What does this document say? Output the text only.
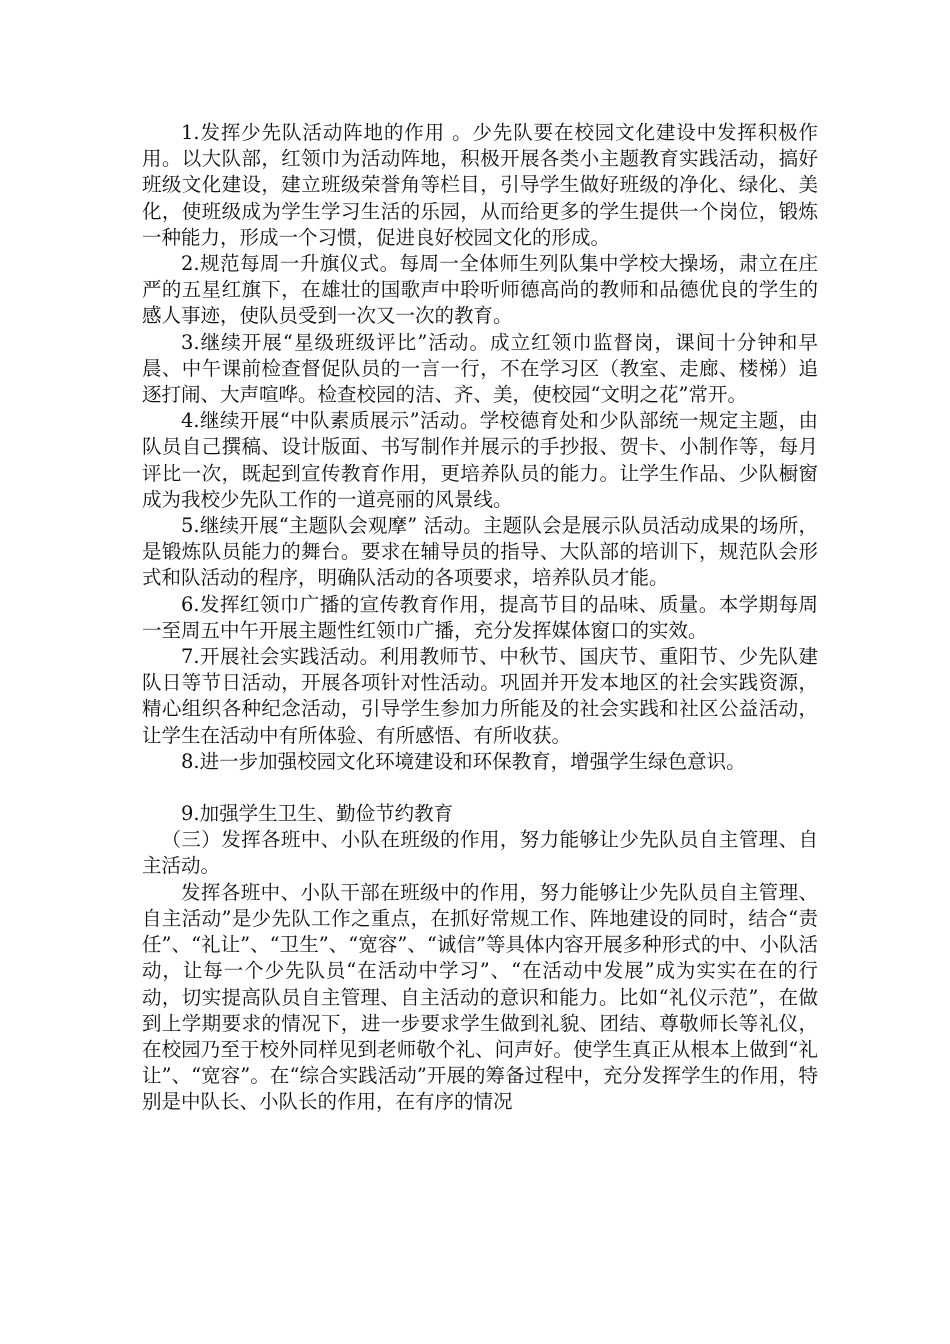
1.发挥少先队活动阵地的作用 。少先队要在校园文化建设中发挥积极作用。以大队部，红领巾为活动阵地，积极开展各类小主题教育实践活动，搞好班级文化建设，建立班级荣誉角等栏目，引导学生做好班级的净化、绿化、美化，使班级成为学生学习生活的乐园，从而给更多的学生提供一个岗位，锻炼一种能力，形成一个习惯，促进良好校园文化的形成。

2.规范每周一升旗仪式。每周一全体师生列队集中学校大操场，肃立在庄严的五星红旗下，在雄壮的国歌声中聆听师德高尚的教师和品德优良的学生的感人事迹，使队员受到一次又一次的教育。

3.继续开展“星级班级评比”活动。成立红领巾监督岗，课间十分钟和早晨、中午课前检查督促队员的一言一行，不在学习区（教室、走廊、楼梯）追逐打闹、大声喧哗。检查校园的洁、齐、美，使校园“文明之花”常开。

4.继续开展“中队素质展示”活动。学校德育处和少队部统一规定主题，由队员自己撰稿、设计版面、书写制作并展示的手抄报、贺卡、小制作等，每月评比一次，既起到宣传教育作用，更培养队员的能力。让学生作品、少队橱窗成为我校少先队工作的一道亮丽的风景线。

5.继续开展“主题队会观摩” 活动。主题队会是展示队员活动成果的场所，是锻炼队员能力的舞台。要求在辅导员的指导、大队部的培训下，规范队会形式和队活动的程序，明确队活动的各项要求，培养队员才能。

6.发挥红领巾广播的宣传教育作用，提高节目的品味、质量。本学期每周一至周五中午开展主题性红领巾广播，充分发挥媒体窗口的实效。

7.开展社会实践活动。利用教师节、中秋节、国庆节、重阳节、少先队建队日等节日活动，开展各项针对性活动。巩固并开发本地区的社会实践资源，精心组织各种纪念活动，引导学生参加力所能及的社会实践和社区公益活动，让学生在活动中有所体验、有所感悟、有所收获。

8.进一步加强校园文化环境建设和环保教育，增强学生绿色意识。

9.加强学生卫生、勤俭节约教育

（三）发挥各班中、小队在班级的作用，努力能够让少先队员自主管理、自主活动。

发挥各班中、小队干部在班级中的作用，努力能够让少先队员自主管理、自主活动”是少先队工作之重点，在抓好常规工作、阵地建设的同时，结合“责任”、“礼让”、“卫生”、“宽容”、“诚信”等具体内容开展多种形式的中、小队活动，让每一个少先队员“在活动中学习”、“在活动中发展”成为实实在在的行动，切实提高队员自主管理、自主活动的意识和能力。比如“礼仪示范”，在做到上学期要求的情况下，进一步要求学生做到礼貌、团结、尊敬师长等礼仪，在校园乃至于校外同样见到老师敬个礼、问声好。使学生真正从根本上做到“礼让”、“宽容”。在“综合实践活动”开展的筹备过程中，充分发挥学生的作用，特别是中队长、小队长的作用，在有序的情况
